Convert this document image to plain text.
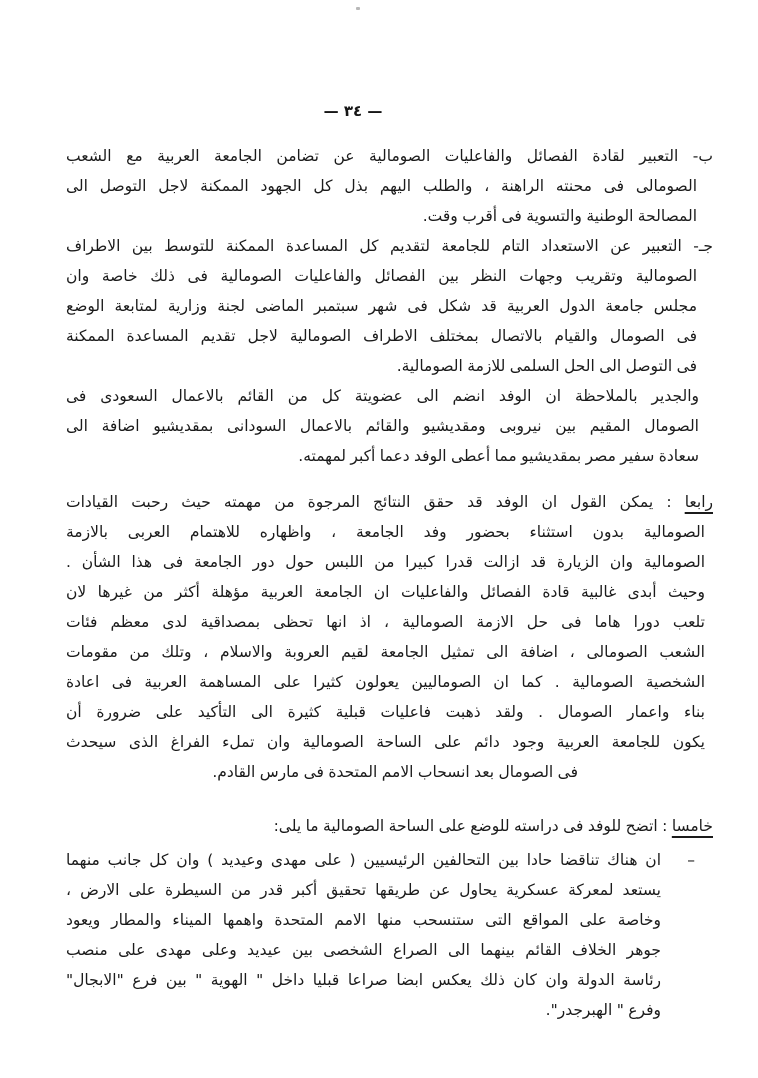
— ٣٤ —
ب- التعبير لقادة الفصائل والفاعليات الصومالية عن تضامن الجامعة العربية مع الشعب
الصومالى فى محنته الراهنة ، والطلب اليهم بذل كل الجهود الممكنة لاجل التوصل الى
المصالحة الوطنية والتسوية فى أقرب وقت.
جـ- التعبير عن الاستعداد التام للجامعة لتقديم كل المساعدة الممكنة للتوسط بين الاطراف
الصومالية وتقريب وجهات النظر بين الفصائل والفاعليات الصومالية فى ذلك خاصة وان
مجلس جامعة الدول العربية قد شكل فى شهر سبتمبر الماضى لجنة وزارية لمتابعة الوضع
فى الصومال والقيام بالاتصال بمختلف الاطراف الصومالية لاجل تقديم المساعدة الممكنة
فى التوصل الى الحل السلمى للازمة الصومالية.
والجدير بالملاحظة ان الوفد انضم الى عضويتة كل من القائم بالاعمال السعودى فى
الصومال المقيم بين نيروبى ومقديشيو والقائم بالاعمال السودانى بمقديشيو اضافة الى
سعادة سفير مصر بمقديشيو مما أعطى الوفد دعما أكبر لمهمته.
رابعا : يمكن القول ان الوفد قد حقق النتائج المرجوة من مهمته حيث رحبت القيادات
الصومالية بدون استثناء بحضور وفد الجامعة ، واظهاره للاهتمام العربى بالازمة
الصومالية وان الزيارة قد ازالت قدرا كبيرا من اللبس حول دور الجامعة فى هذا الشأن .
وحيث أبدى غالبية قادة الفصائل والفاعليات ان الجامعة العربية مؤهلة أكثر من غيرها لان
تلعب دورا هاما فى حل الازمة الصومالية ، اذ انها تحظى بمصداقية لدى معظم فئات
الشعب الصومالى ، اضافة الى تمثيل الجامعة لقيم العروبة والاسلام ، وتلك من مقومات
الشخصية الصومالية . كما ان الصوماليين يعولون كثيرا على المساهمة العربية فى اعادة
بناء واعمار الصومال . ولقد ذهبت فاعليات قبلية كثيرة الى التأكيد على ضرورة أن
يكون للجامعة العربية وجود دائم على الساحة الصومالية وان تملء الفراغ الذى سيحدث
فى الصومال بعد انسحاب الامم المتحدة فى مارس القادم.
خامسا : اتضح للوفد فى دراسته للوضع على الساحة الصومالية ما يلى:
–
ان هناك تناقضا حادا بين التحالفين الرئيسيين ( على مهدى وعيديد ) وان كل جانب منهما
يستعد لمعركة عسكرية يحاول عن طريقها تحقيق أكبر قدر من السيطرة على الارض ،
وخاصة على المواقع التى ستنسحب منها الامم المتحدة واهمها الميناء والمطار ويعود
جوهر الخلاف القائم بينهما الى الصراع الشخصى بين عيديد وعلى مهدى على منصب
رئاسة الدولة وان كان ذلك يعكس ابضا صراعا قبليا داخل " الهوية " بين فرع "الابجال"
وفرع " الهبرجدر".
